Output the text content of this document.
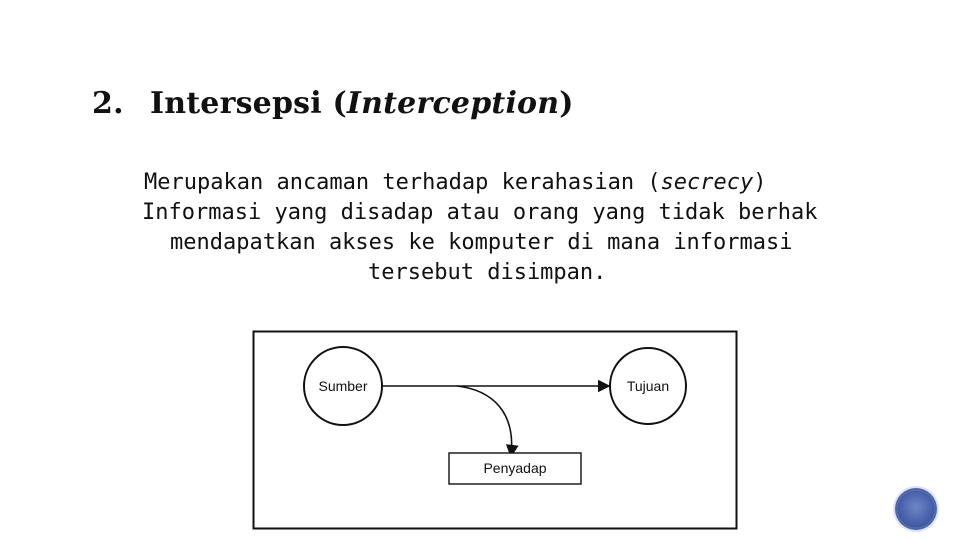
2. Intersepsi (Interception)
Merupakan ancaman terhadap kerahasian (secrecy)
Informasi yang disadap atau orang yang tidak berhak
mendapatkan akses ke komputer di mana informasi
tersebut disimpan.
Sumber	Tujuan
Penyadap
